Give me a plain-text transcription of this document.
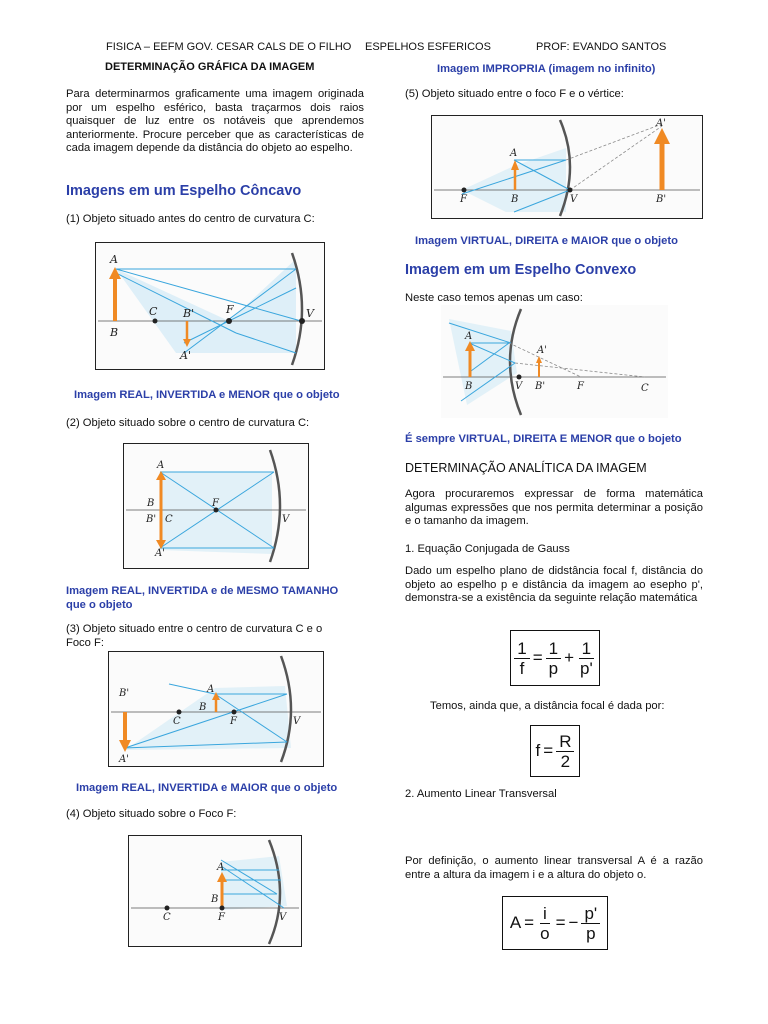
FISICA – EEFM GOV. CESAR CALS DE O FILHO ESPELHOS ESFERICOS	PROF: EVANDO SANTOS
DETERMINAÇÃO GRÁFICA DA IMAGEM
Para determinarmos graficamente uma imagem originada por um espelho esférico, basta traçarmos dois raios quaisquer de luz entre os notáveis que aprendemos anteriormente. Procure perceber que as características de cada imagem depende da distância do objeto ao espelho.
Imagens em um Espelho Côncavo
(1) Objeto situado antes do centro de curvatura C:
A
B
C B'	F	V
A'
Imagem REAL, INVERTIDA e MENOR que o objeto
(2) Objeto situado sobre o centro de curvatura C:
A
B
B' C
F
V
A'
Imagem REAL, INVERTIDA e de MESMO TAMANHO
que o objeto
(3) Objeto situado entre o centro de curvatura C e o
Foco F:
A
B
B'
C	F	V
A'
Imagem REAL, INVERTIDA e MAIOR que o objeto
(4) Objeto situado sobre o Foco F:
A
B
C	F	V
Imagem IMPROPRIA (imagem no infinito)
(5) Objeto situado entre o foco F e o vértice:
A
B
F	V
A'
B'
Imagem VIRTUAL, DIREITA e MAIOR que o objeto
Imagem em um Espelho Convexo
Neste caso temos apenas um caso:
A
B	V
A'
B'	F	C
É sempre VIRTUAL, DIREITA E MENOR que o bojeto
DETERMINAÇÃO ANALÍTICA DA IMAGEM
Agora procuraremos expressar de forma matemática algumas expressões que nos permita determinar a posição e o tamanho da imagem.
1. Equação Conjugada de Gauss
Dado um espelho plano de didstância focal f, distância do objeto ao espelho p e distância da imagem ao esepho p', demonstra-se a existência da seguinte relação matemática
$\frac{1}{f} = \frac{1}{p} + \frac{1}{p'}$
Temos, ainda que, a distância focal é dada por:
$f = \frac{R}{2}$
2. Aumento Linear Transversal
Por definição, o aumento linear transversal A é a razão entre a altura da imagem i e a altura do objeto o.
$A = \frac{i}{o}$ = − $\frac{p'}{p}$
